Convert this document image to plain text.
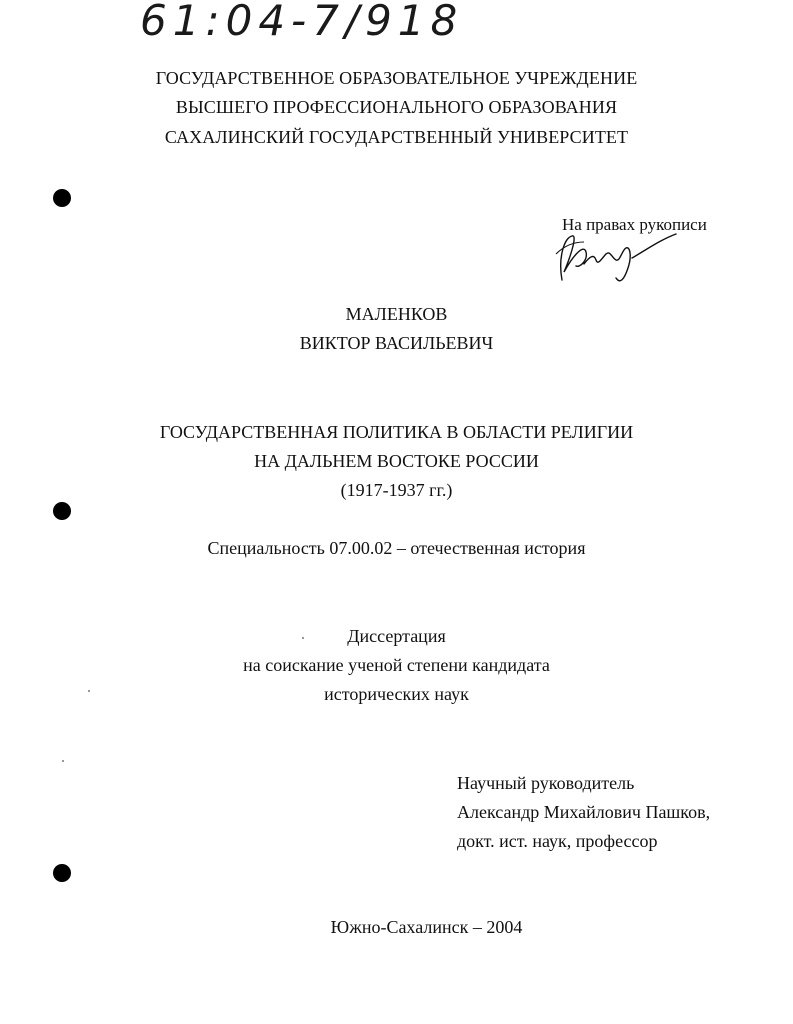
61:04-7/918
ГОСУДАРСТВЕННОЕ ОБРАЗОВАТЕЛЬНОЕ УЧРЕЖДЕНИЕ
ВЫСШЕГО ПРОФЕССИОНАЛЬНОГО ОБРАЗОВАНИЯ
САХАЛИНСКИЙ ГОСУДАРСТВЕННЫЙ УНИВЕРСИТЕТ
На правах рукописи
МАЛЕНКОВ
ВИКТОР ВАСИЛЬЕВИЧ
ГОСУДАРСТВЕННАЯ ПОЛИТИКА В ОБЛАСТИ РЕЛИГИИ
НА ДАЛЬНЕМ ВОСТОКЕ РОССИИ
(1917-1937 гг.)
Специальность 07.00.02 – отечественная история
Диссертация
на соискание ученой степени кандидата
исторических наук
Научный руководитель
Александр Михайлович Пашков,
докт. ист. наук, профессор
Южно-Сахалинск – 2004
